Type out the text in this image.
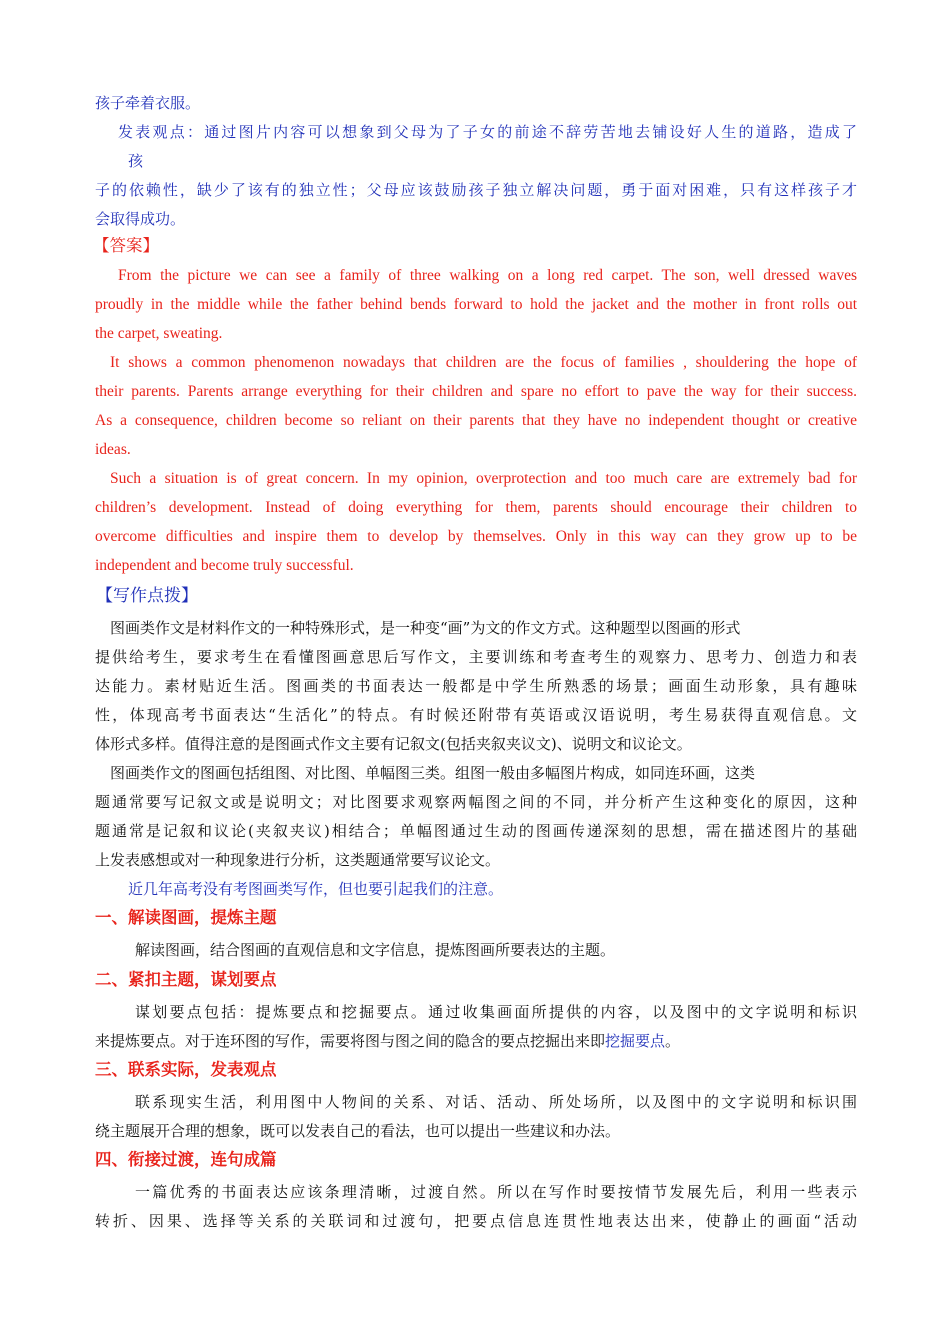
孩子牵着衣服。
发表观点：通过图片内容可以想象到父母为了子女的前途不辞劳苦地去铺设好人生的道路，造成了
孩
子的依赖性，缺少了该有的独立性；父母应该鼓励孩子独立解决问题，勇于面对困难，只有这样孩子才
会取得成功。
【答案】
From the picture we can see a family of three walking on a long red carpet. The son, well dressed waves
proudly in the middle while the father behind bends forward to hold the jacket and the mother in front rolls out
the carpet, sweating.
It shows a common phenomenon nowadays that children are the focus of families , shouldering the hope of
their parents. Parents arrange everything for their children and spare no effort to pave the way for their success.
As a consequence, children become so reliant on their parents that they have no independent thought or creative
ideas.
Such a situation is of great concern. In my opinion, overprotection and too much care are extremely bad for
children’s development. Instead of doing everything for them, parents should encourage their children to
overcome difficulties and inspire them to develop by themselves. Only in this way can they grow up to be
independent and become truly successful.
【写作点拨】
图画类作文是材料作文的一种特殊形式，是一种变“画”为文的作文方式。这种题型以图画的形式
提供给考生，要求考生在看懂图画意思后写作文，主要训练和考查考生的观察力、思考力、创造力和表
达能力。素材贴近生活。图画类的书面表达一般都是中学生所熟悉的场景；画面生动形象，具有趣味
性，体现高考书面表达“生活化”的特点。有时候还附带有英语或汉语说明，考生易获得直观信息。文
体形式多样。值得注意的是图画式作文主要有记叙文(包括夹叙夹议文)、说明文和议论文。
图画类作文的图画包括组图、对比图、单幅图三类。组图一般由多幅图片构成，如同连环画，这类
题通常要写记叙文或是说明文；对比图要求观察两幅图之间的不同，并分析产生这种变化的原因，这种
题通常是记叙和议论(夹叙夹议)相结合；单幅图通过生动的图画传递深刻的思想，需在描述图片的基础
上发表感想或对一种现象进行分析，这类题通常要写议论文。
近几年高考没有考图画类写作，但也要引起我们的注意。
一、解读图画，提炼主题
解读图画，结合图画的直观信息和文字信息，提炼图画所要表达的主题。
二、紧扣主题，谋划要点
谋划要点包括：提炼要点和挖掘要点。通过收集画面所提供的内容，以及图中的文字说明和标识
来提炼要点。对于连环图的写作，需要将图与图之间的隐含的要点挖掘出来即挖掘要点。
三、联系实际，发表观点
联系现实生活，利用图中人物间的关系、对话、活动、所处场所，以及图中的文字说明和标识围
绕主题展开合理的想象，既可以发表自己的看法，也可以提出一些建议和办法。
四、衔接过渡，连句成篇
一篇优秀的书面表达应该条理清晰，过渡自然。所以在写作时要按情节发展先后，利用一些表示
转折、因果、选择等关系的关联词和过渡句，把要点信息连贯性地表达出来，使静止的画面“活动
